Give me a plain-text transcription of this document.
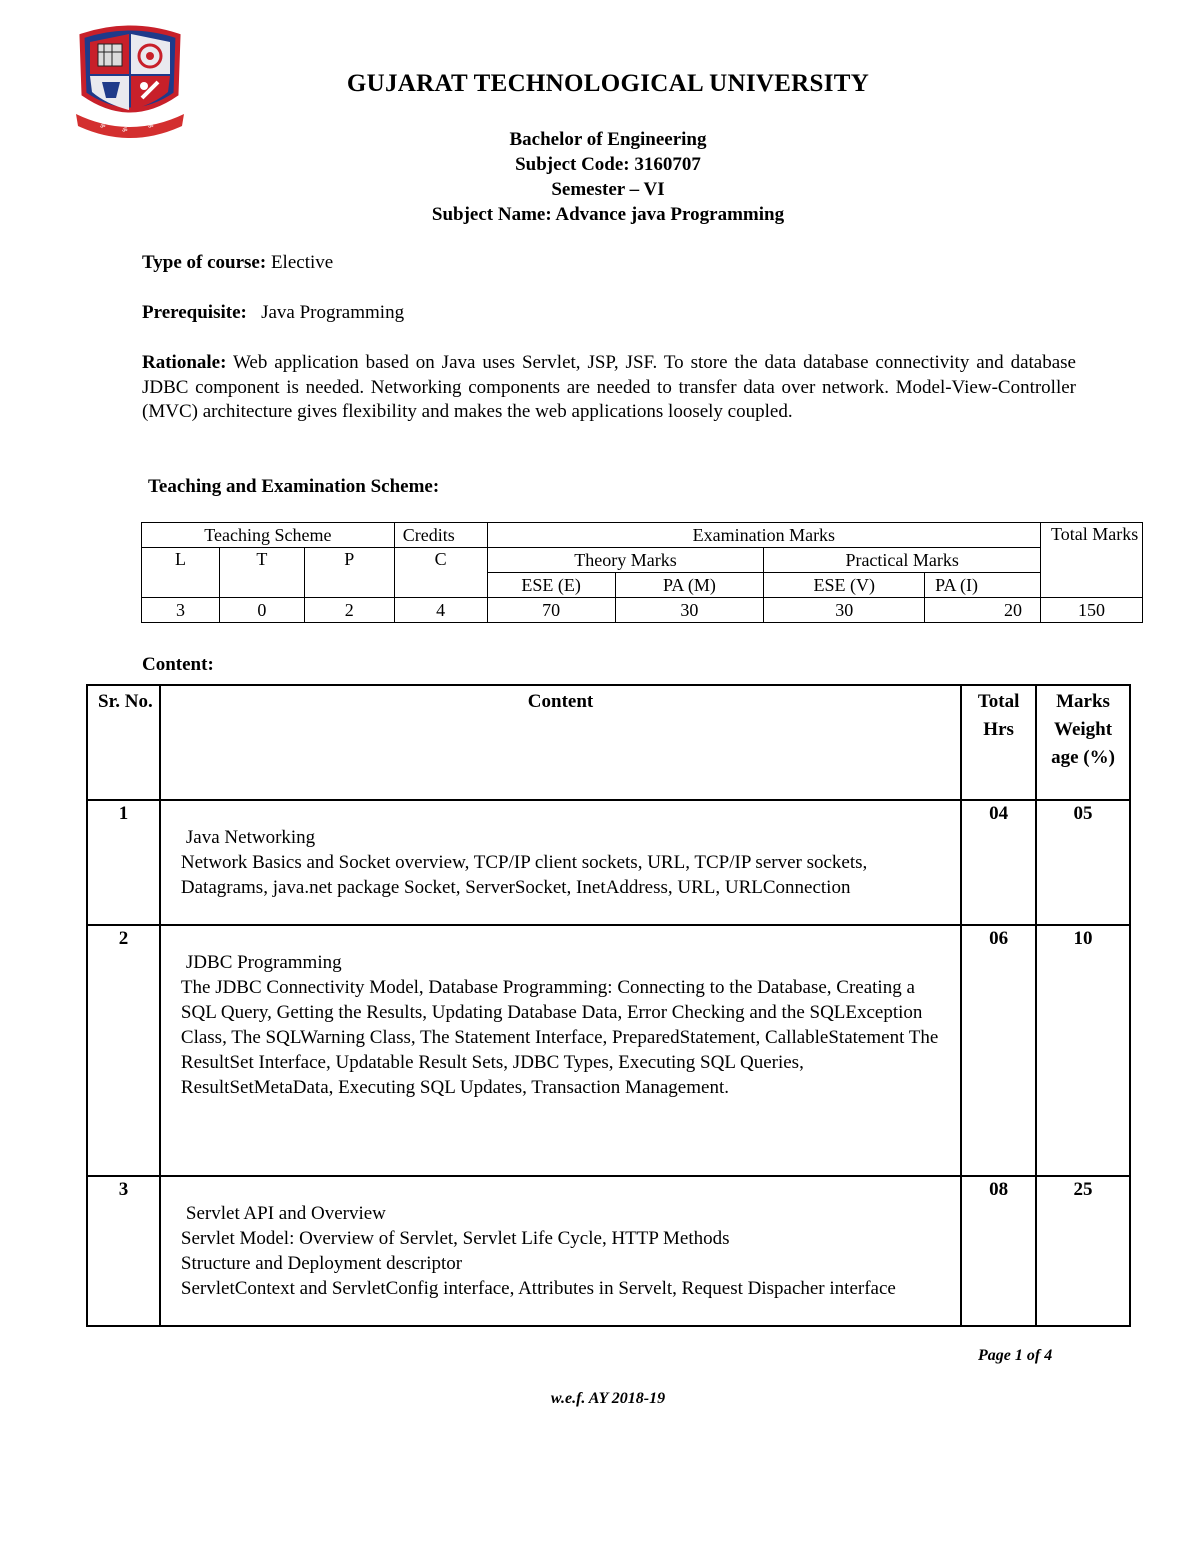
ॐ
ॐ
ॐ
GUJARAT TECHNOLOGICAL UNIVERSITY
Bachelor of Engineering
Subject Code: 3160707
Semester – VI
Subject Name: Advance java Programming
Type of course: Elective
Prerequisite:   Java Programming
Rationale: Web application based on Java uses Servlet, JSP, JSF. To store the data database connectivity and database JDBC component is needed. Networking components are needed to transfer data over network. Model-View-Controller (MVC) architecture gives flexibility and makes the web applications loosely coupled.
Teaching and Examination Scheme:
Teaching Scheme			Credits	Examination Marks				Total Marks
L	T	P	C	Theory Marks		Practical Marks		
				ESE (E)	PA (M)	ESE (V)	PA (I)	
3	0	2	4	70	30	30	20	150
Content:
Sr. No.	Content	Total Hrs	Marks Weight age (%)
1	Java Networking
Network Basics and Socket overview, TCP/IP client sockets, URL, TCP/IP server sockets, Datagrams, java.net package Socket, ServerSocket, InetAddress, URL, URLConnection	04	05
2	JDBC Programming
The JDBC Connectivity Model, Database Programming: Connecting to the Database, Creating a SQL Query, Getting the Results, Updating Database Data, Error Checking and the SQLException Class, The SQLWarning Class, The Statement Interface, PreparedStatement, CallableStatement The ResultSet Interface, Updatable Result Sets, JDBC Types, Executing SQL Queries, ResultSetMetaData, Executing SQL Updates, Transaction Management.	06	10
3	Servlet API and Overview
Servlet Model: Overview of Servlet, Servlet Life Cycle, HTTP Methods
Structure and Deployment descriptor
ServletContext and ServletConfig interface, Attributes in Servelt, Request Dispacher interface	08	25
Page 1 of 4
w.e.f. AY 2018-19
